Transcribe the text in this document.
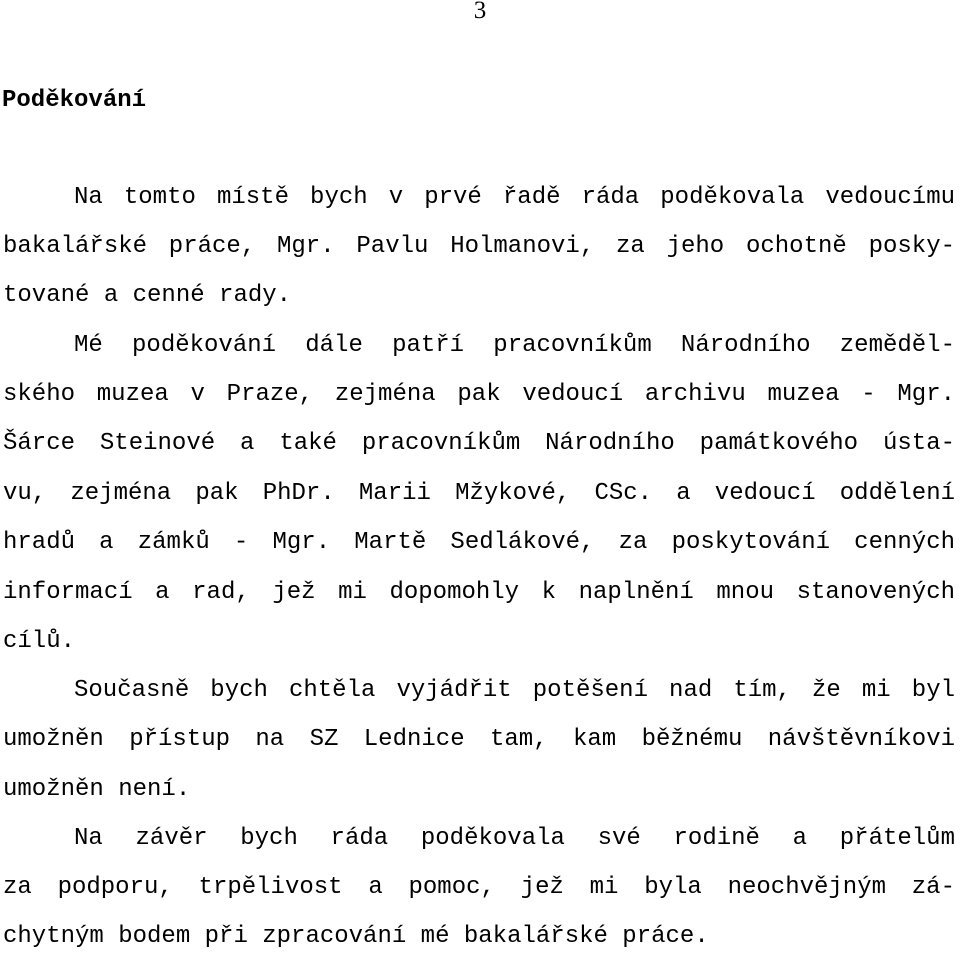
3
Poděkování
Na tomto místě bych v prvé řadě ráda poděkovala vedoucímu
bakalářské práce, Mgr. Pavlu Holmanovi, za jeho ochotně posky-
tované a cenné rady.
Mé poděkování dále patří pracovníkům Národního zeměděl-
ského muzea v Praze, zejména pak vedoucí archivu muzea - Mgr.
Šárce Steinové a také pracovníkům Národního památkového ústa-
vu, zejména pak PhDr. Marii Mžykové, CSc. a vedoucí oddělení
hradů a zámků - Mgr. Martě Sedlákové, za poskytování cenných
informací a rad, jež mi dopomohly k naplnění mnou stanovených
cílů.
Současně bych chtěla vyjádřit potěšení nad tím, že mi byl
umožněn přístup na SZ Lednice tam, kam běžnému návštěvníkovi
umožněn není.
Na závěr bych ráda poděkovala své rodině a přátelům
za podporu, trpělivost a pomoc, jež mi byla neochvějným zá-
chytným bodem při zpracování mé bakalářské práce.
